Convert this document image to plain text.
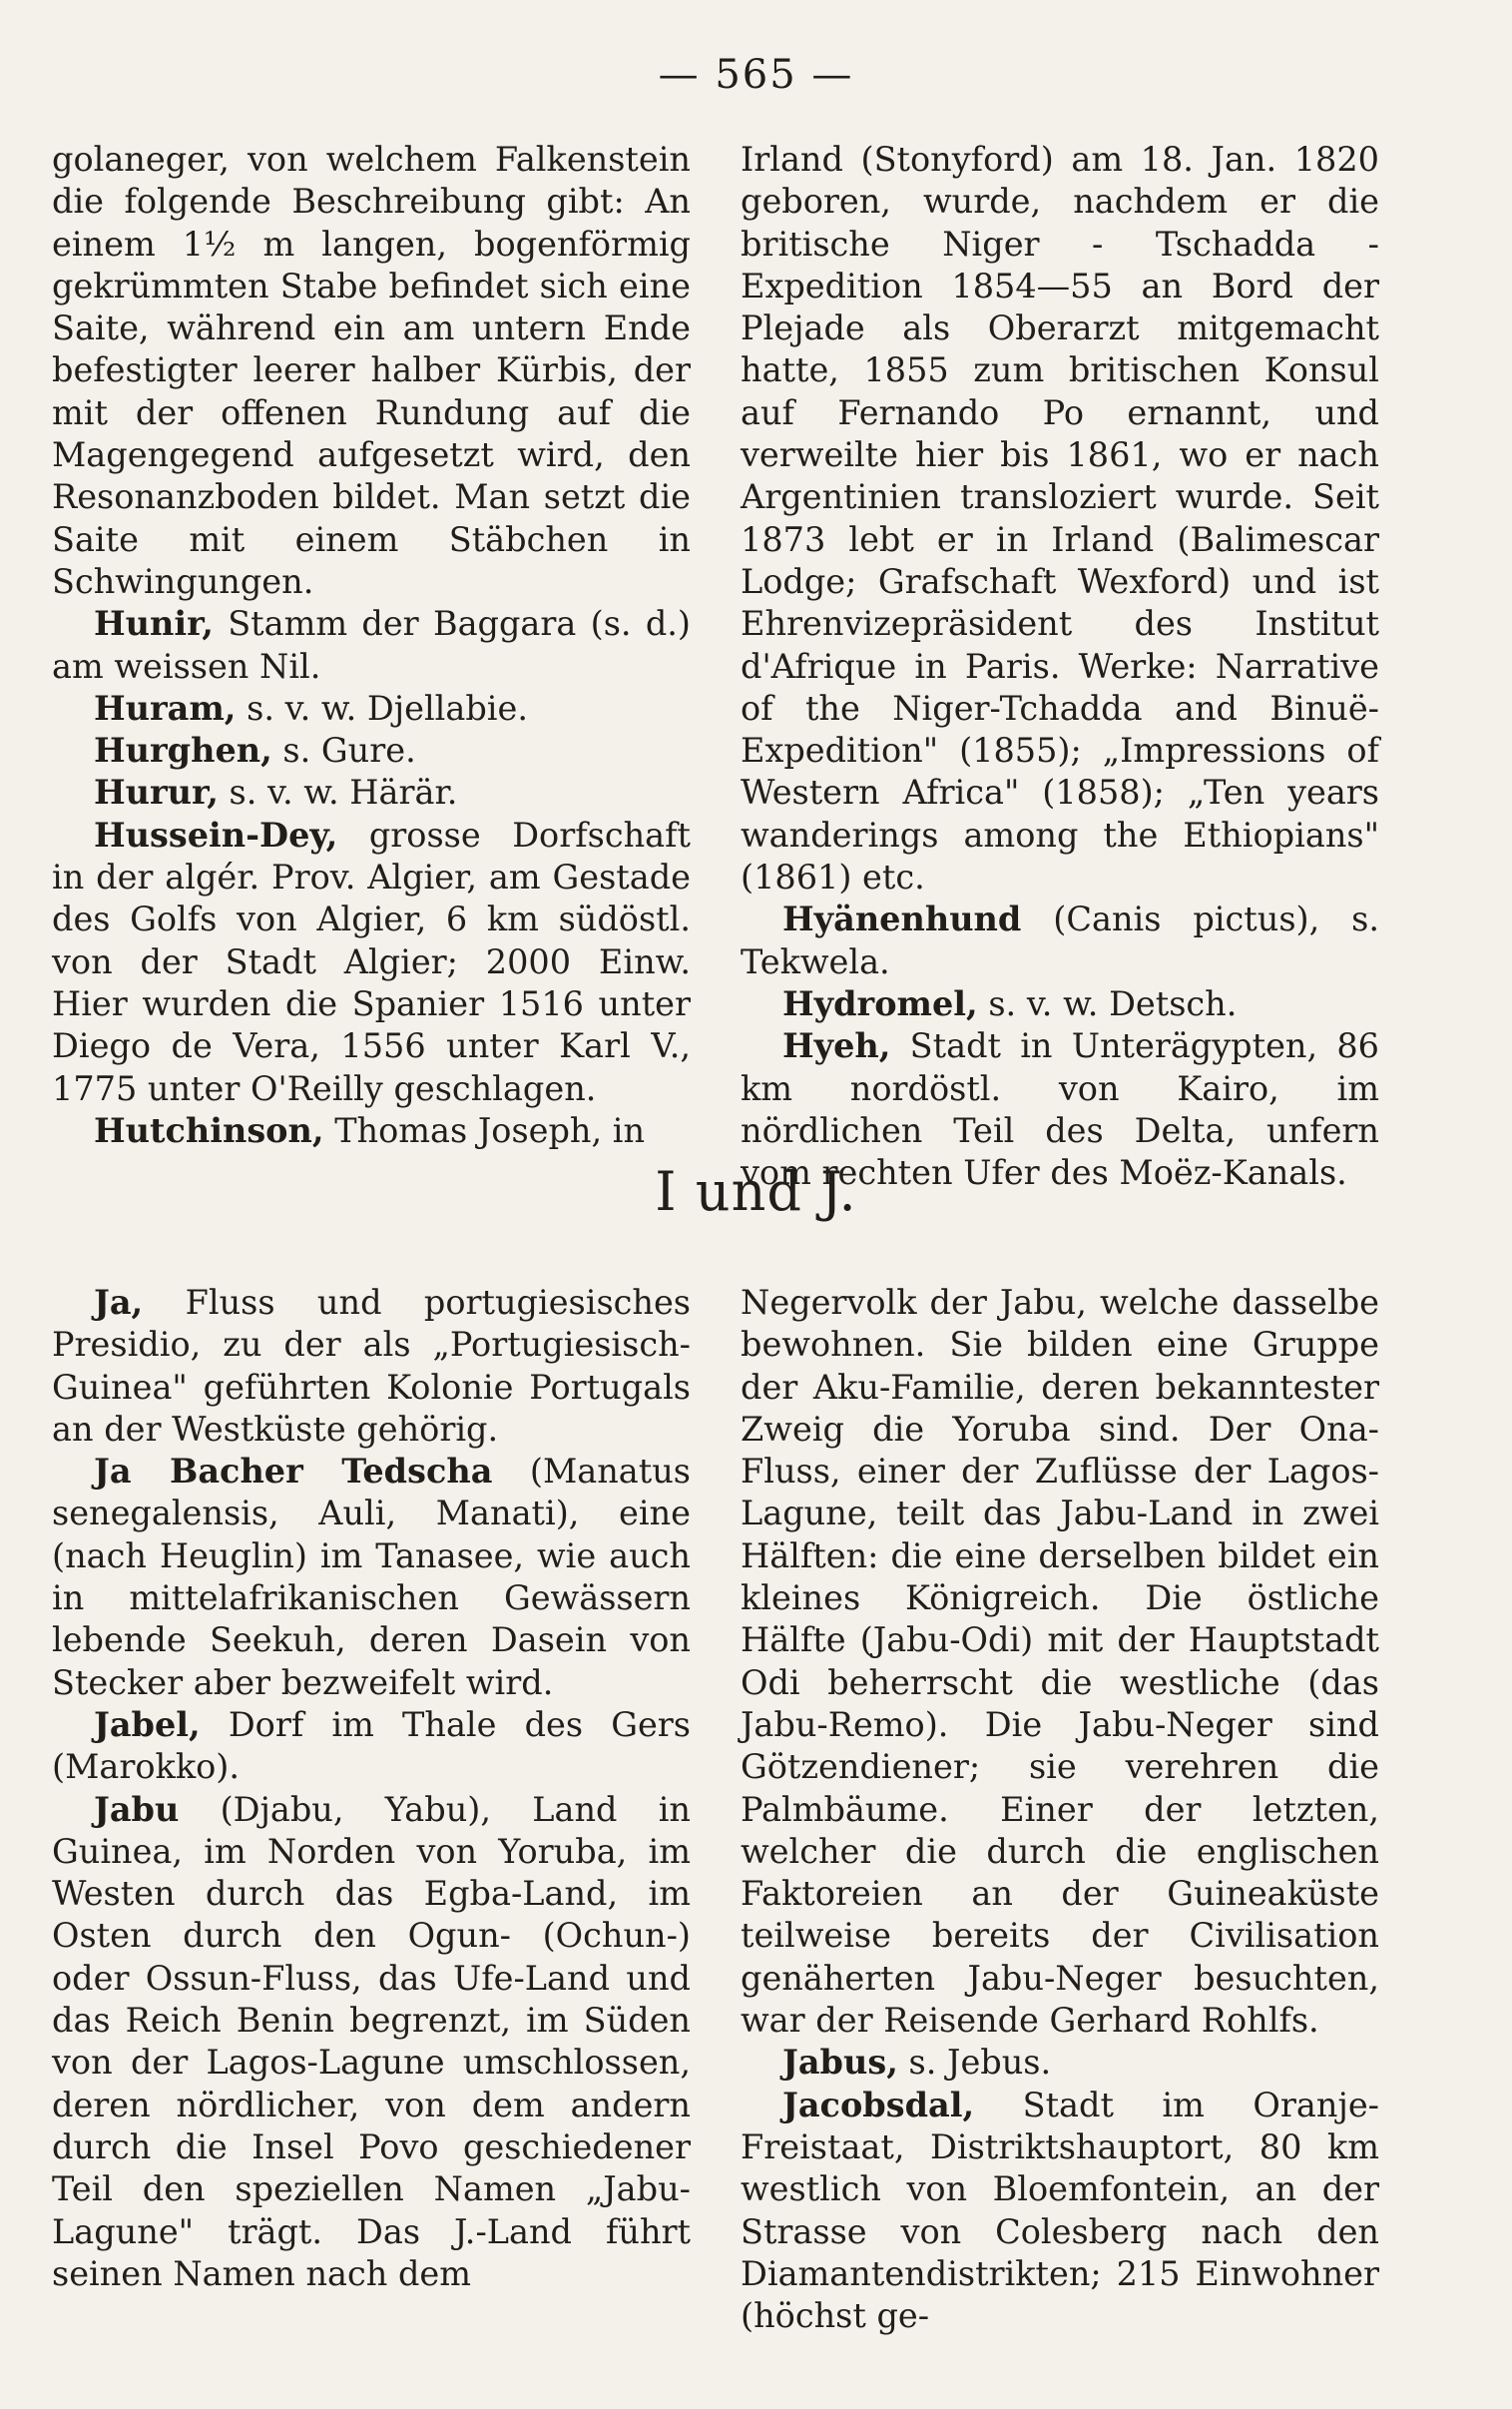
— 565 —

golaneger, von welchem Falkenstein die folgende Beschreibung gibt: An einem 1½ m langen, bogenförmig gekrümmten Stabe befindet sich eine Saite, während ein am untern Ende befestigter leerer halber Kürbis, der mit der offenen Rundung auf die Magengegend aufgesetzt wird, den Resonanzboden bildet. Man setzt die Saite mit einem Stäbchen in Schwingungen.

Hunir, Stamm der Baggara (s. d.) am weissen Nil.

Huram, s. v. w. Djellabie.

Hurghen, s. Gure.

Hurur, s. v. w. Härär.

Hussein-Dey, grosse Dorfschaft in der algér. Prov. Algier, am Gestade des Golfs von Algier, 6 km südöstl. von der Stadt Algier; 2000 Einw. Hier wurden die Spanier 1516 unter Diego de Vera, 1556 unter Karl V., 1775 unter O'Reilly geschlagen.

Hutchinson, Thomas Joseph, in

Irland (Stonyford) am 18. Jan. 1820 geboren, wurde, nachdem er die britische Niger - Tschadda - Expedition 1854—55 an Bord der Plejade als Oberarzt mitgemacht hatte, 1855 zum britischen Konsul auf Fernando Po ernannt, und verweilte hier bis 1861, wo er nach Argentinien transloziert wurde. Seit 1873 lebt er in Irland (Balimescar Lodge; Grafschaft Wexford) und ist Ehrenvizepräsident des Institut d'Afrique in Paris. Werke: Narrative of the Niger-Tchadda and Binuë-Expedition" (1855); „Impressions of Western Africa" (1858); „Ten years wanderings among the Ethiopians" (1861) etc.

Hyänenhund (Canis pictus), s. Tekwela.

Hydromel, s. v. w. Detsch.

Hyeh, Stadt in Unterägypten, 86 km nordöstl. von Kairo, im nördlichen Teil des Delta, unfern vom rechten Ufer des Moëz-Kanals.

I und J.

Ja, Fluss und portugiesisches Presidio, zu der als „Portugiesisch-Guinea" geführten Kolonie Portugals an der Westküste gehörig.

Ja Bacher Tedscha (Manatus senegalensis, Auli, Manati), eine (nach Heuglin) im Tanasee, wie auch in mittelafrikanischen Gewässern lebende Seekuh, deren Dasein von Stecker aber bezweifelt wird.

Jabel, Dorf im Thale des Gers (Marokko).

Jabu (Djabu, Yabu), Land in Guinea, im Norden von Yoruba, im Westen durch das Egba-Land, im Osten durch den Ogun- (Ochun-) oder Ossun-Fluss, das Ufe-Land und das Reich Benin begrenzt, im Süden von der Lagos-Lagune umschlossen, deren nördlicher, von dem andern durch die Insel Povo geschiedener Teil den speziellen Namen „Jabu-Lagune" trägt. Das J.-Land führt seinen Namen nach dem

Negervolk der Jabu, welche dasselbe bewohnen. Sie bilden eine Gruppe der Aku-Familie, deren bekanntester Zweig die Yoruba sind. Der Ona-Fluss, einer der Zuflüsse der Lagos-Lagune, teilt das Jabu-Land in zwei Hälften: die eine derselben bildet ein kleines Königreich. Die östliche Hälfte (Jabu-Odi) mit der Hauptstadt Odi beherrscht die westliche (das Jabu-Remo). Die Jabu-Neger sind Götzendiener; sie verehren die Palmbäume. Einer der letzten, welcher die durch die englischen Faktoreien an der Guineaküste teilweise bereits der Civilisation genäherten Jabu-Neger besuchten, war der Reisende Gerhard Rohlfs.

Jabus, s. Jebus.

Jacobsdal, Stadt im Oranje-Freistaat, Distriktshauptort, 80 km westlich von Bloemfontein, an der Strasse von Colesberg nach den Diamantendistrikten; 215 Einwohner (höchst ge-
